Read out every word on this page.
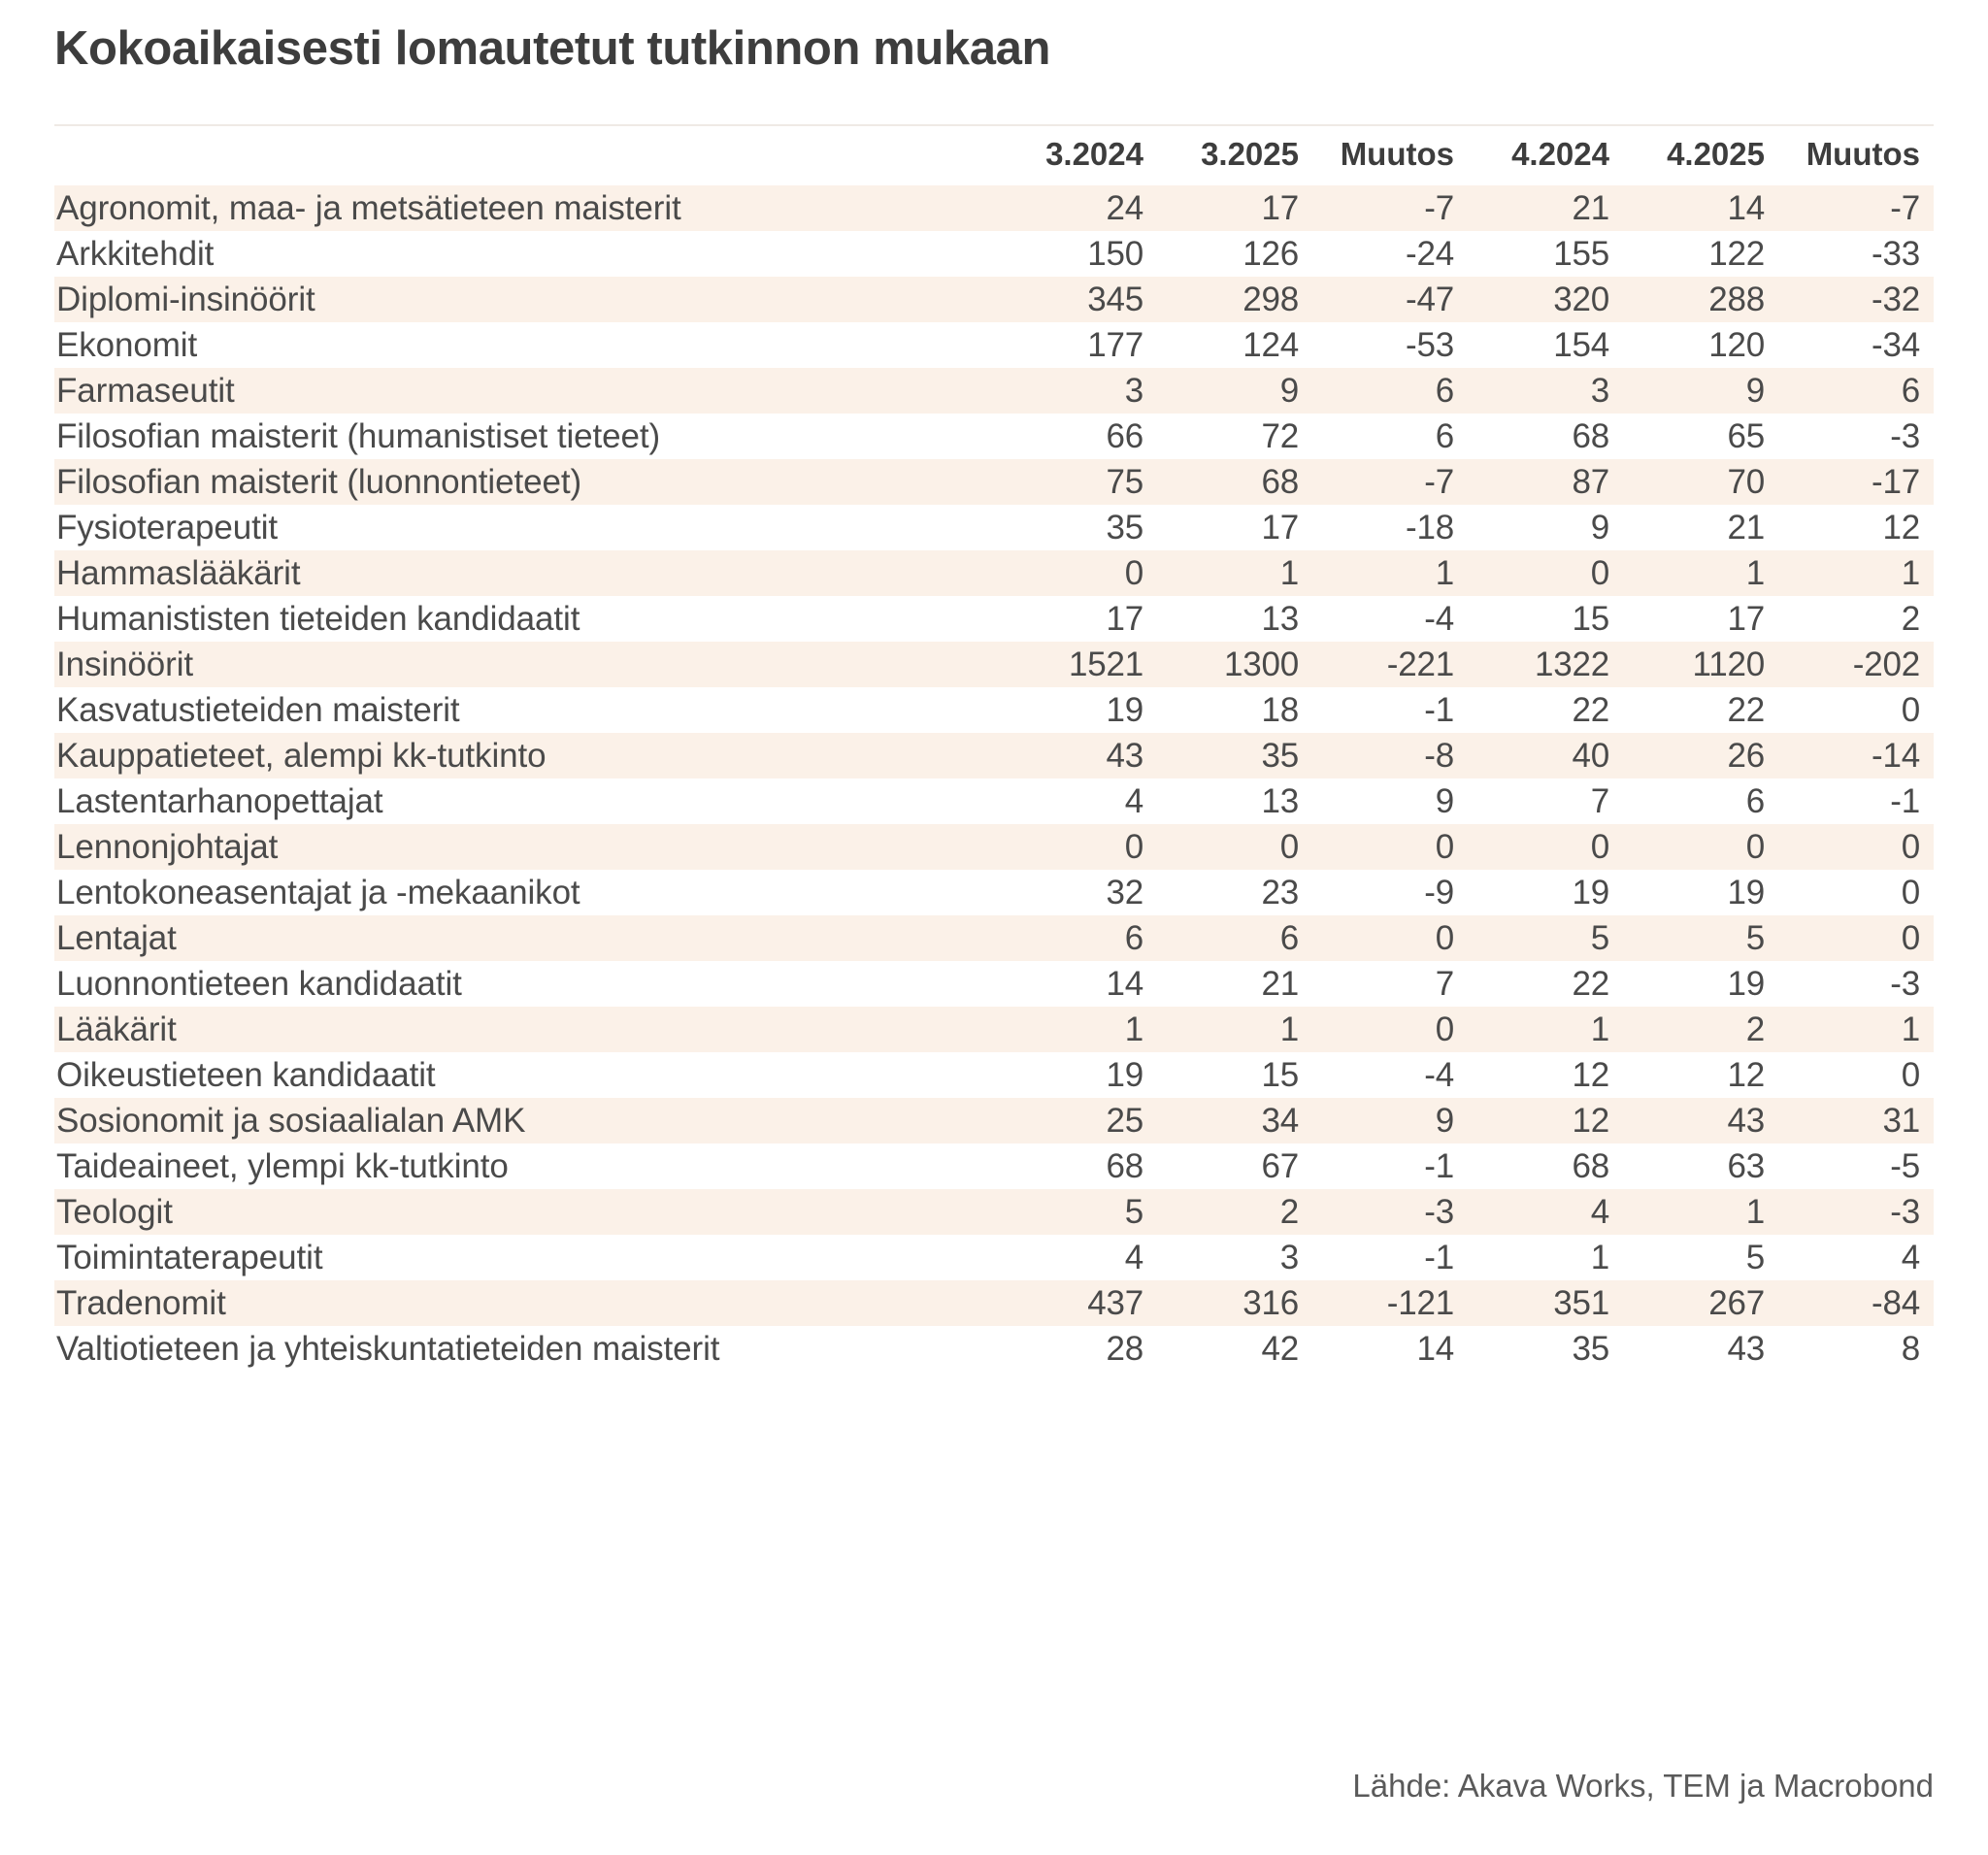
Kokoaikaisesti lomautetut tutkinnon mukaan
	3.2024	3.2025	Muutos	4.2024	4.2025	Muutos
Agronomit, maa- ja metsätieteen maisterit	24	17	-7	21	14	-7
Arkkitehdit	150	126	-24	155	122	-33
Diplomi-insinöörit	345	298	-47	320	288	-32
Ekonomit	177	124	-53	154	120	-34
Farmaseutit	3	9	6	3	9	6
Filosofian maisterit (humanistiset tieteet)	66	72	6	68	65	-3
Filosofian maisterit (luonnontieteet)	75	68	-7	87	70	-17
Fysioterapeutit	35	17	-18	9	21	12
Hammaslääkärit	0	1	1	0	1	1
Humanististen tieteiden kandidaatit	17	13	-4	15	17	2
Insinöörit	1521	1300	-221	1322	1120	-202
Kasvatustieteiden maisterit	19	18	-1	22	22	0
Kauppatieteet, alempi kk-tutkinto	43	35	-8	40	26	-14
Lastentarhanopettajat	4	13	9	7	6	-1
Lennonjohtajat	0	0	0	0	0	0
Lentokoneasentajat ja -mekaanikot	32	23	-9	19	19	0
Lentajat	6	6	0	5	5	0
Luonnontieteen kandidaatit	14	21	7	22	19	-3
Lääkärit	1	1	0	1	2	1
Oikeustieteen kandidaatit	19	15	-4	12	12	0
Sosionomit ja sosiaalialan AMK	25	34	9	12	43	31
Taideaineet, ylempi kk-tutkinto	68	67	-1	68	63	-5
Teologit	5	2	-3	4	1	-3
Toimintaterapeutit	4	3	-1	1	5	4
Tradenomit	437	316	-121	351	267	-84
Valtiotieteen ja yhteiskuntatieteiden maisterit	28	42	14	35	43	8
Lähde: Akava Works, TEM ja Macrobond
